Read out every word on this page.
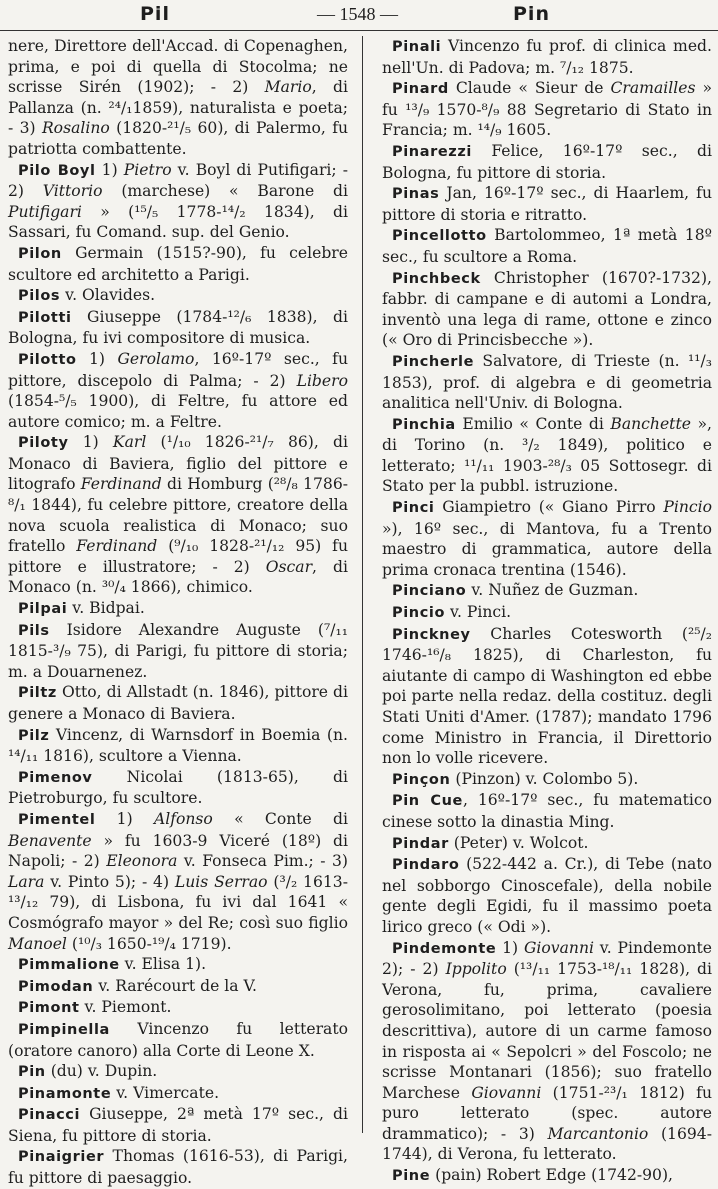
Pil	— 1548 —	Pin

nere, Direttore dell'Accad. di Copenaghen, prima, e poi di quella di Stocolma; ne scrisse Sirén (1902); - 2) Mario, di Pallanza (n. ²⁴/₁1859), naturalista e poeta; - 3) Rosalino (1820-²¹/₅ 60), di Palermo, fu patriotta combattente.

Pilo Boyl 1) Pietro v. Boyl di Putifigari; - 2) Vittorio (marchese) « Barone di Putifigari » (¹⁵/₅ 1778-¹⁴/₂ 1834), di Sassari, fu Comand. sup. del Genio.

Pilon Germain (1515?-90), fu celebre scultore ed architetto a Parigi.

Pilos v. Olavides.

Pilotti Giuseppe (1784-¹²/₆ 1838), di Bologna, fu ivi compositore di musica.

Pilotto 1) Gerolamo, 16º-17º sec., fu pittore, discepolo di Palma; - 2) Libero (1854-⁵/₅ 1900), di Feltre, fu attore ed autore comico; m. a Feltre.

Piloty 1) Karl (¹/₁₀ 1826-²¹/₇ 86), di Monaco di Baviera, figlio del pittore e litografo Ferdinand di Homburg (²⁸/₈ 1786-⁸/₁ 1844), fu celebre pittore, creatore della nova scuola realistica di Monaco; suo fratello Ferdinand (⁹/₁₀ 1828-²¹/₁₂ 95) fu pittore e illustratore; - 2) Oscar, di Monaco (n. ³⁰/₄ 1866), chimico.

Pilpai v. Bidpai.

Pils Isidore Alexandre Auguste (⁷/₁₁ 1815-³/₉ 75), di Parigi, fu pittore di storia; m. a Douarnenez.

Piltz Otto, di Allstadt (n. 1846), pittore di genere a Monaco di Baviera.

Pilz Vincenz, di Warnsdorf in Boemia (n. ¹⁴/₁₁ 1816), scultore a Vienna.

Pimenov Nicolai (1813-65), di Pietroburgo, fu scultore.

Pimentel 1) Alfonso « Conte di Benavente » fu 1603-9 Viceré (18º) di Napoli; - 2) Eleonora v. Fonseca Pim.; - 3) Lara v. Pinto 5); - 4) Luis Serrao (³/₂ 1613-¹³/₁₂ 79), di Lisbona, fu ivi dal 1641 « Cosmógrafo mayor » del Re; così suo figlio Manoel (¹⁰/₃ 1650-¹⁹/₄ 1719).

Pimmalione v. Elisa 1).

Pimodan v. Rarécourt de la V.

Pimont v. Piemont.

Pimpinella Vincenzo fu letterato (oratore canoro) alla Corte di Leone X.

Pin (du) v. Dupin.

Pinamonte v. Vimercate.

Pinacci Giuseppe, 2ª metà 17º sec., di Siena, fu pittore di storia.

Pinaigrier Thomas (1616-53), di Parigi, fu pittore di paesaggio.

Pinali Vincenzo fu prof. di clinica med. nell'Un. di Padova; m. ⁷/₁₂ 1875.

Pinard Claude « Sieur de Cramailles » fu ¹³/₉ 1570-⁸/₉ 88 Segretario di Stato in Francia; m. ¹⁴/₉ 1605.

Pinarezzi Felice, 16º-17º sec., di Bologna, fu pittore di storia.

Pinas Jan, 16º-17º sec., di Haarlem, fu pittore di storia e ritratto.

Pincellotto Bartolommeo, 1ª metà 18º sec., fu scultore a Roma.

Pinchbeck Christopher (1670?-1732), fabbr. di campane e di automi a Londra, inventò una lega di rame, ottone e zinco (« Oro di Princisbecche »).

Pincherle Salvatore, di Trieste (n. ¹¹/₃ 1853), prof. di algebra e di geometria analitica nell'Univ. di Bologna.

Pinchia Emilio « Conte di Banchette », di Torino (n. ³/₂ 1849), politico e letterato; ¹¹/₁₁ 1903-²⁸/₃ 05 Sottosegr. di Stato per la pubbl. istruzione.

Pinci Giampietro (« Giano Pirro Pincio »), 16º sec., di Mantova, fu a Trento maestro di grammatica, autore della prima cronaca trentina (1546).

Pinciano v. Nuñez de Guzman.

Pincio v. Pinci.

Pinckney Charles Cotesworth (²⁵/₂ 1746-¹⁶/₈ 1825), di Charleston, fu aiutante di campo di Washington ed ebbe poi parte nella redaz. della costituz. degli Stati Uniti d'Amer. (1787); mandato 1796 come Ministro in Francia, il Direttorio non lo volle ricevere.

Pinçon (Pinzon) v. Colombo 5).

Pin Cue, 16º-17º sec., fu matematico cinese sotto la dinastia Ming.

Pindar (Peter) v. Wolcot.

Pindaro (522-442 a. Cr.), di Tebe (nato nel sobborgo Cinoscefale), della nobile gente degli Egidi, fu il massimo poeta lirico greco (« Odi »).

Pindemonte 1) Giovanni v. Pindemonte 2); - 2) Ippolito (¹³/₁₁ 1753-¹⁸/₁₁ 1828), di Verona, fu, prima, cavaliere gerosolimitano, poi letterato (poesia descrittiva), autore di un carme famoso in risposta ai « Sepolcri » del Foscolo; ne scrisse Montanari (1856); suo fratello Marchese Giovanni (1751-²³/₁ 1812) fu puro letterato (spec. autore drammatico); - 3) Marcantonio (1694-1744), di Verona, fu letterato.

Pine (pain) Robert Edge (1742-90),
